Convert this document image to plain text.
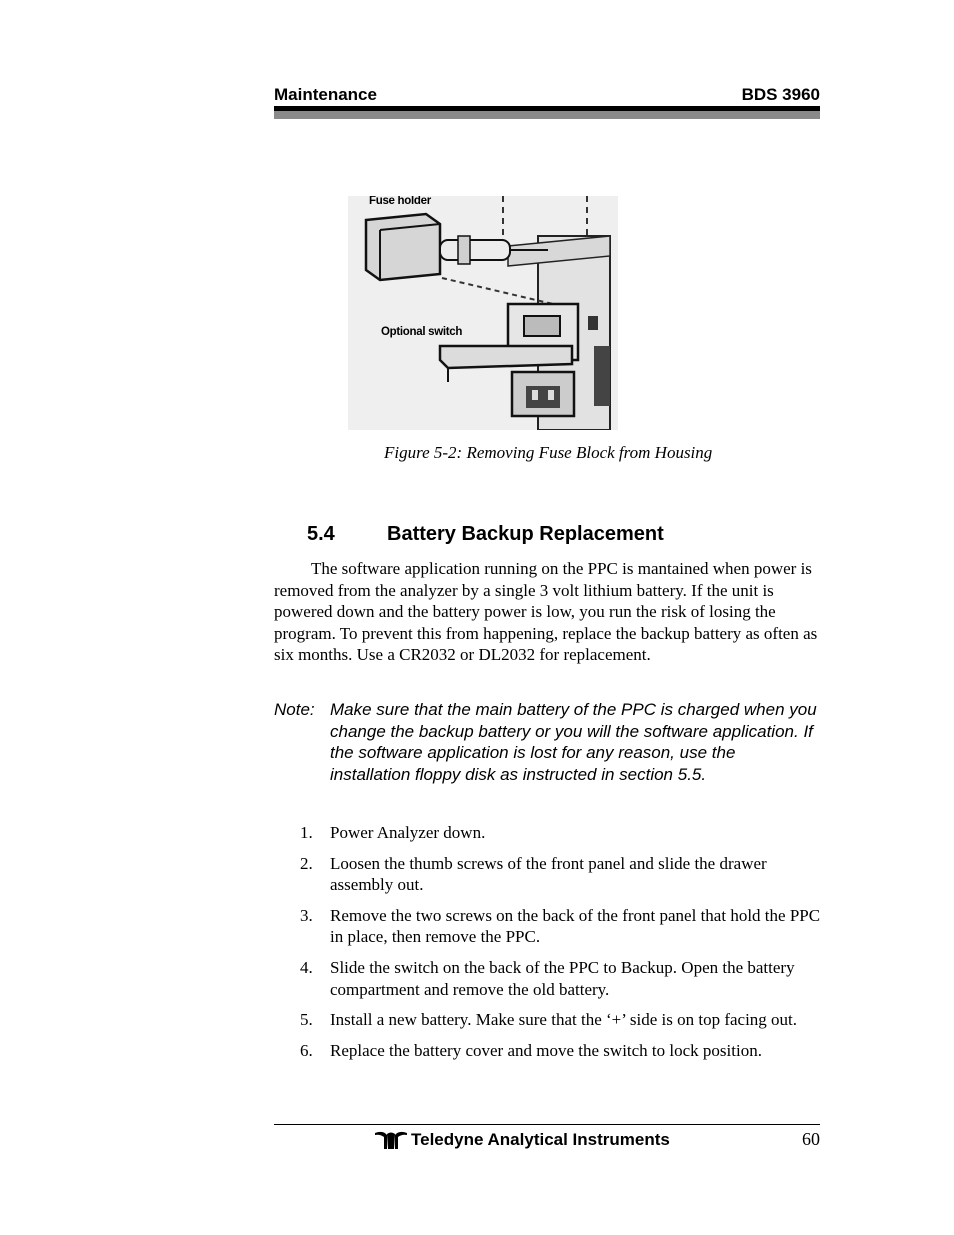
Maintenance	BDS 3960
Fuse holder
Optional switch
Figure 5-2: Removing Fuse Block from Housing
5.4	Battery Backup Replacement
The software application running on the PPC is mantained when power is removed from the analyzer by a single 3 volt lithium battery. If the unit is powered down and the battery power is low, you run the risk of losing the program. To prevent this from happening, replace the backup battery as often as six months. Use a CR2032 or DL2032 for replacement.
Note: Make sure that the main battery of the PPC is charged when you change the backup battery or you will the software application. If the software application is lost for any reason, use the installation floppy disk as instructed in section 5.5.
1. Power Analyzer down.
2. Loosen the thumb screws of the front panel and slide the drawer assembly out.
3. Remove the two screws on the back of the front panel that hold the PPC in place, then remove the PPC.
4. Slide the switch on the back of the PPC to Backup. Open the battery compartment and remove the old battery.
5. Install a new battery. Make sure that the ‘+’ side is on top facing out.
6. Replace the battery cover and move the switch to lock position.
Teledyne Analytical Instruments	60
